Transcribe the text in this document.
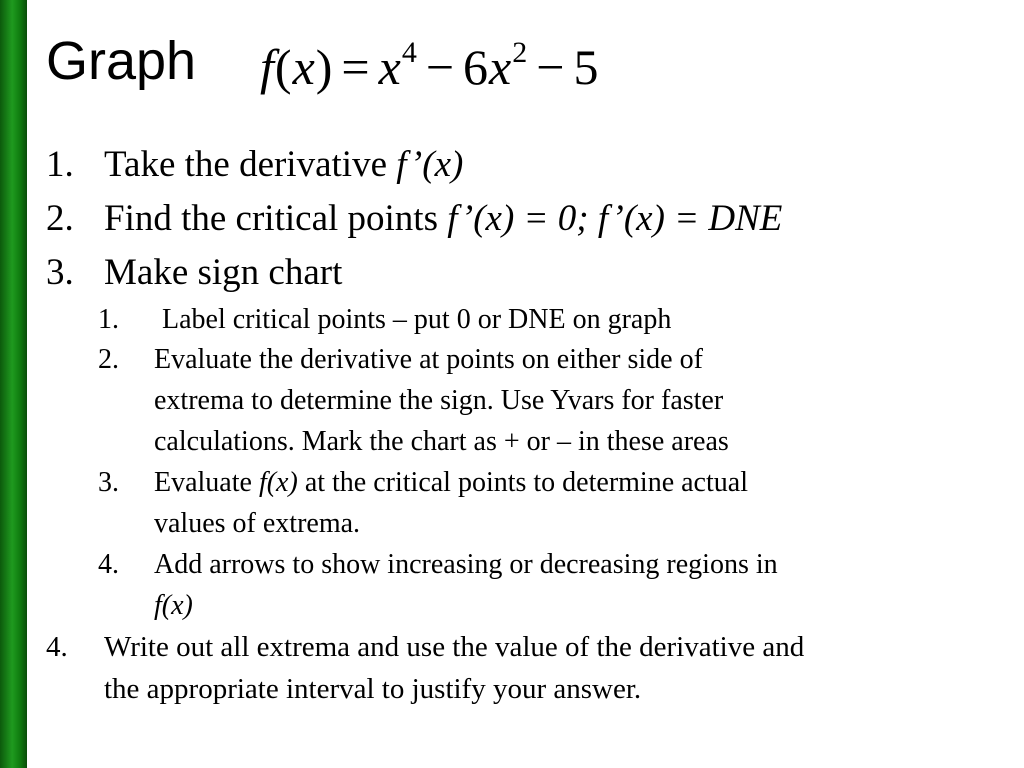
Graph $f(x) = x^4 - 6x^2 - 5$
1. Take the derivative f’(x)
2. Find the critical points f’(x) = 0; f’(x) = DNE
3. Make sign chart
1. Label critical points – put 0 or DNE on graph
2. Evaluate the derivative at points on either side of
extrema to determine the sign. Use Yvars for faster
calculations. Mark the chart as + or – in these areas
3. Evaluate f(x) at the critical points to determine actual
values of extrema.
4. Add arrows to show increasing or decreasing regions in
f(x)
4. Write out all extrema and use the value of the derivative and
the appropriate interval to justify your answer.
